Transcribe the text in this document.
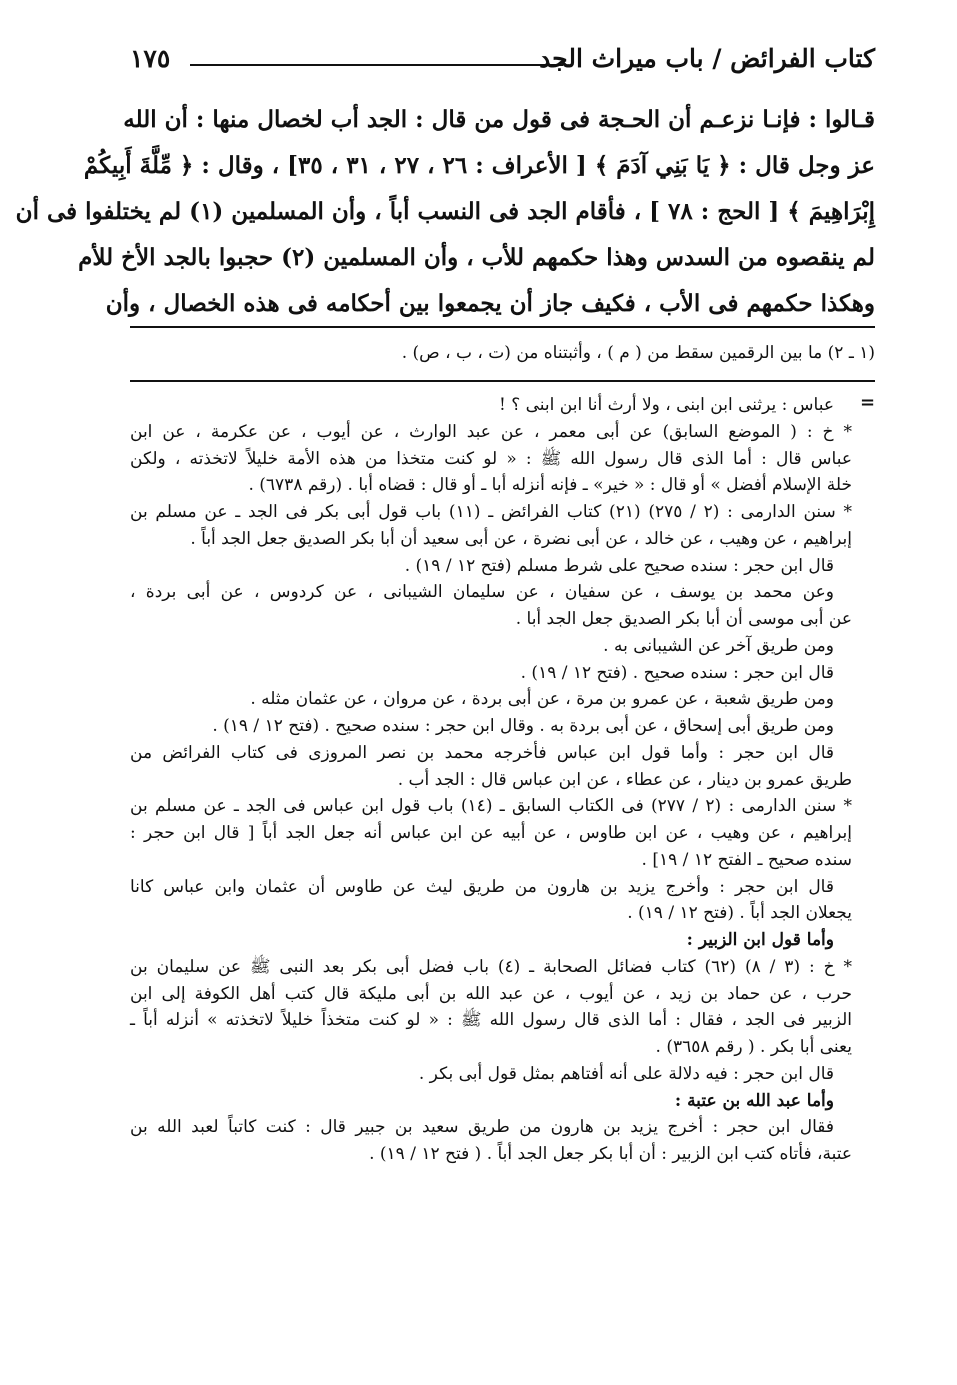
كتاب الفرائض / باب ميراث الجد
١٧٥
قـالوا : فإنـا نزعـم أن الحـجة فى قول من قال : الجد أب لخصال منها : أن الله
عز وجل قال : ﴿ يَا بَنِي آدَمَ ﴾ [ الأعراف : ٢٦ ، ٢٧ ، ٣١ ، ٣٥] ، وقال : ﴿ مِّلَّةَ أَبِيكُمْ
إِبْرَاهِيمَ ﴾ [ الحج : ٧٨ ] ، فأقام الجد فى النسب أباً ، وأن المسلمين (١) لم يختلفوا فى أن
لم ينقصوه من السدس وهذا حكمهم للأب ، وأن المسلمين (٢) حجبوا بالجد الأخ للأم
وهكذا حكمهم فى الأب ، فكيف جاز أن يجمعوا بين أحكامه فى هذه الخصال ، وأن
(١ ـ ٢) ما بين الرقمين سقط من ( م ) ، وأثبتناه من (ت ، ب ، ص) .
=
عباس : يرثنى ابن ابنى ، ولا أرث أنا ابن ابنى ؟ !
* خ : ( الموضع السابق) عن أبى معمر ، عن عبد الوارث ، عن أيوب ، عن عكرمة ، عن ابن
عباس قال : أما الذى قال رسول الله ﷺ : « لو كنت متخذا من هذه الأمة خليلاً لاتخذته ، ولكن
خلة الإسلام أفضل » أو قال : « خير» ـ فإنه أنزله أبا ـ أو قال : قضاه أبا . (رقم ٦٧٣٨) .
* سنن الدارمى : (٢ / ٢٧٥) (٢١) كتاب الفرائض ـ (١١) باب قول أبى بكر فى الجد ـ عن مسلم بن
إبراهيم ، عن وهيب ، عن خالد ، عن أبى نضرة ، عن أبى سعيد أن أبا بكر الصديق جعل الجد أباً .
قال ابن حجر : سنده صحيح على شرط مسلم (فتح ١٢ / ١٩) .
وعن محمد بن يوسف ، عن سفيان ، عن سليمان الشيبانى ، عن كردوس ، عن أبى بردة ،
عن أبى موسى أن أبا بكر الصديق جعل الجد أبا .
ومن طريق آخر عن الشيبانى به .
قال ابن حجر : سنده صحيح . (فتح ١٢ / ١٩) .
ومن طريق شعبة ، عن عمرو بن مرة ، عن أبى بردة ، عن مروان ، عن عثمان مثله .
ومن طريق أبى إسحاق ، عن أبى بردة به . وقال ابن حجر : سنده صحيح . (فتح ١٢ / ١٩) .
قال ابن حجر : وأما قول ابن عباس فأخرجه محمد بن نصر المروزى فى كتاب الفرائض من
طريق عمرو بن دينار ، عن عطاء ، عن ابن عباس قال : الجد أب .
* سنن الدارمى : (٢ / ٢٧٧) فى الكتاب السابق ـ (١٤) باب قول ابن عباس فى الجد ـ عن مسلم بن
إبراهيم ، عن وهيب ، عن ابن طاوس ، عن أبيه عن ابن عباس أنه جعل الجد أباً [ قال ابن حجر :
سنده صحيح ـ الفتح ١٢ / ١٩] .
قال ابن حجر : وأخرج يزيد بن هارون من طريق ليث عن طاوس أن عثمان وابن عباس كانا
يجعلان الجد أباً . (فتح ١٢ / ١٩) .
وأما قول ابن الزبير :
* خ : (٣ / ٨) (٦٢) كتاب فضائل الصحابة ـ (٤) باب فضل أبى بكر بعد النبى ﷺ عن سليمان بن
حرب ، عن حماد بن زيد ، عن أيوب ، عن عبد الله بن أبى مليكة قال كتب أهل الكوفة إلى ابن
الزبير فى الجد ، فقال : أما الذى قال رسول الله ﷺ : « لو كنت متخذاً خليلاً لاتخذته » أنزله أباً ـ
يعنى أبا بكر . ( رقم ٣٦٥٨) .
قال ابن حجر : فيه دلالة على أنه أفتاهم بمثل قول أبى بكر .
وأما عبد الله بن عتبة :
فقال ابن حجر : أخرج يزيد بن هارون من طريق سعيد بن جبير قال : كنت كاتباً لعبد الله بن
عتبة، فأتاه كتب ابن الزبير : أن أبا بكر جعل الجد أباً . ( فتح ١٢ / ١٩) .
